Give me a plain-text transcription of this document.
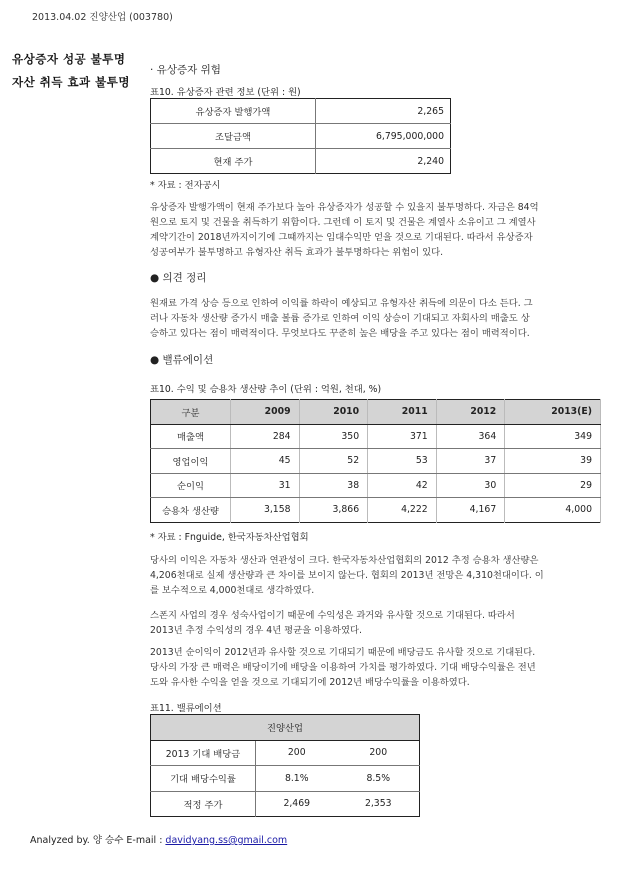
2013.04.02 진양산업 (003780)
유상증자 성공 불투명
자산 취득 효과 불투명
· 유상증자 위험
표10. 유상증자 관련 정보 (단위 : 원)
유상증자 발행가액	2,265
조달금액	6,795,000,000
현재 주가	2,240
* 자료 : 전자공시
유상증자 발행가액이 현재 주가보다 높아 유상증자가 성공할 수 있을지 불투명하다. 자금은 84억
원으로 토지 및 건물을 취득하기 위함이다. 그런데 이 토지 및 건물은 계열사 소유이고 그 계열사
계약기간이 2018년까지이기에 그때까지는 임대수익만 얻을 것으로 기대된다. 따라서 유상증자
성공여부가 불투명하고 유형자산 취득 효과가 불투명하다는 위험이 있다.
● 의견 정리
원재료 가격 상승 등으로 인하여 이익률 하락이 예상되고 유형자산 취득에 의문이 다소 든다. 그
러나 자동차 생산량 증가시 매출 볼륨 증가로 인하여 이익 상승이 기대되고 자회사의 매출도 상
승하고 있다는 점이 매력적이다. 무엇보다도 꾸준히 높은 배당을 주고 있다는 점이 매력적이다.
● 밸류에이션
표10. 수익 및 승용차 생산량 추이 (단위 : 억원, 천대, %)
구분	2009	2010	2011	2012	2013(E)
매출액	284	350	371	364	349
영업이익	45	52	53	37	39
순이익	31	38	42	30	29
승용차 생산량	3,158	3,866	4,222	4,167	4,000
* 자료 : Fnguide, 한국자동차산업협회
당사의 이익은 자동차 생산과 연관성이 크다. 한국자동차산업협회의 2012 추정 승용차 생산량은
4,206천대로 실제 생산량과 큰 차이를 보이지 않는다. 협회의 2013년 전망은 4,310천대이다. 이
를 보수적으로 4,000천대로 생각하였다.
스폰지 사업의 경우 성숙사업이기 때문에 수익성은 과거와 유사할 것으로 기대된다. 따라서
2013년 추정 수익성의 경우 4년 평균을 이용하였다.
2013년 순이익이 2012년과 유사할 것으로 기대되기 때문에 배당금도 유사할 것으로 기대된다.
당사의 가장 큰 매력은 배당이기에 배당을 이용하여 가치를 평가하였다. 기대 배당수익률은 전년
도와 유사한 수익을 얻을 것으로 기대되기에 2012년 배당수익률을 이용하였다.
표11. 밸류에이션
진양산업		
2013 기대 배당금	200	200
기대 배당수익률	8.1%	8.5%
적정 주가	2,469	2,353
Analyzed by. 양 승수 E-mail : davidyang.ss@gmail.com
